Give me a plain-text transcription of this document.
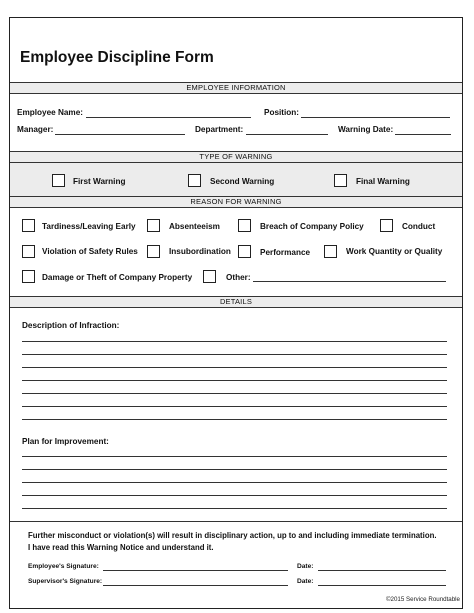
Employee Discipline Form
EMPLOYEE INFORMATION
Employee Name:	Position:
Manager:	Department:	Warning Date:
TYPE OF WARNING
First Warning	Second Warning	Final Warning
REASON FOR WARNING
Tardiness/Leaving Early	Absenteeism	Breach of Company Policy	Conduct
Violation of Safety Rules	Insubordination	Performance	Work Quantity or Quality
Damage or Theft of Company Property	Other:
DETAILS
Description of Infraction:
Plan for Improvement:
Further misconduct or violation(s) will result in disciplinary action, up to and including immediate termination.
I have read this Warning Notice and understand it.
Employee's Signature:	Date:
Supervisor's Signature:	Date:
©2015 Service Roundtable
